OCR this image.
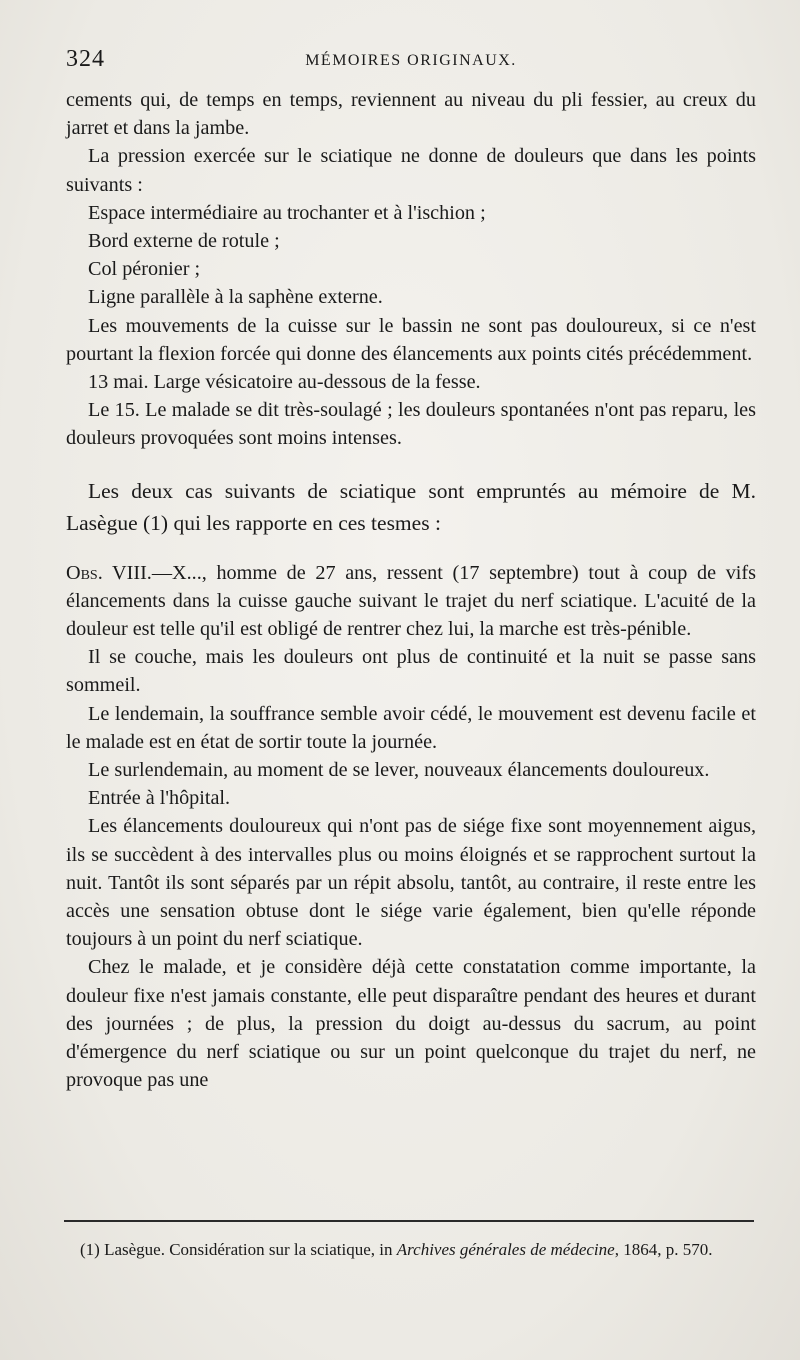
324	MÉMOIRES ORIGINAUX.

cements qui, de temps en temps, reviennent au niveau du pli fessier, au creux du jarret et dans la jambe.

La pression exercée sur le sciatique ne donne de douleurs que dans les points suivants :

Espace intermédiaire au trochanter et à l'ischion ;

Bord externe de rotule ;

Col péronier ;

Ligne parallèle à la saphène externe.

Les mouvements de la cuisse sur le bassin ne sont pas douloureux, si ce n'est pourtant la flexion forcée qui donne des élancements aux points cités précédemment.

13 mai. Large vésicatoire au-dessous de la fesse.

Le 15. Le malade se dit très-soulagé ; les douleurs spontanées n'ont pas reparu, les douleurs provoquées sont moins intenses.

Les deux cas suivants de sciatique sont empruntés au mémoire de M. Lasègue (1) qui les rapporte en ces tesmes :

Obs. VIII.—X..., homme de 27 ans, ressent (17 septembre) tout à coup de vifs élancements dans la cuisse gauche suivant le trajet du nerf sciatique. L'acuité de la douleur est telle qu'il est obligé de rentrer chez lui, la marche est très-pénible.

Il se couche, mais les douleurs ont plus de continuité et la nuit se passe sans sommeil.

Le lendemain, la souffrance semble avoir cédé, le mouvement est devenu facile et le malade est en état de sortir toute la journée.

Le surlendemain, au moment de se lever, nouveaux élancements douloureux.

Entrée à l'hôpital.

Les élancements douloureux qui n'ont pas de siége fixe sont moyennement aigus, ils se succèdent à des intervalles plus ou moins éloignés et se rapprochent surtout la nuit. Tantôt ils sont séparés par un répit absolu, tantôt, au contraire, il reste entre les accès une sensation obtuse dont le siége varie également, bien qu'elle réponde toujours à un point du nerf sciatique.

Chez le malade, et je considère déjà cette constatation comme importante, la douleur fixe n'est jamais constante, elle peut disparaître pendant des heures et durant des journées ; de plus, la pression du doigt au-dessus du sacrum, au point d'émergence du nerf sciatique ou sur un point quelconque du trajet du nerf, ne provoque pas une

(1) Lasègue. Considération sur la sciatique, in Archives générales de médecine, 1864, p. 570.
